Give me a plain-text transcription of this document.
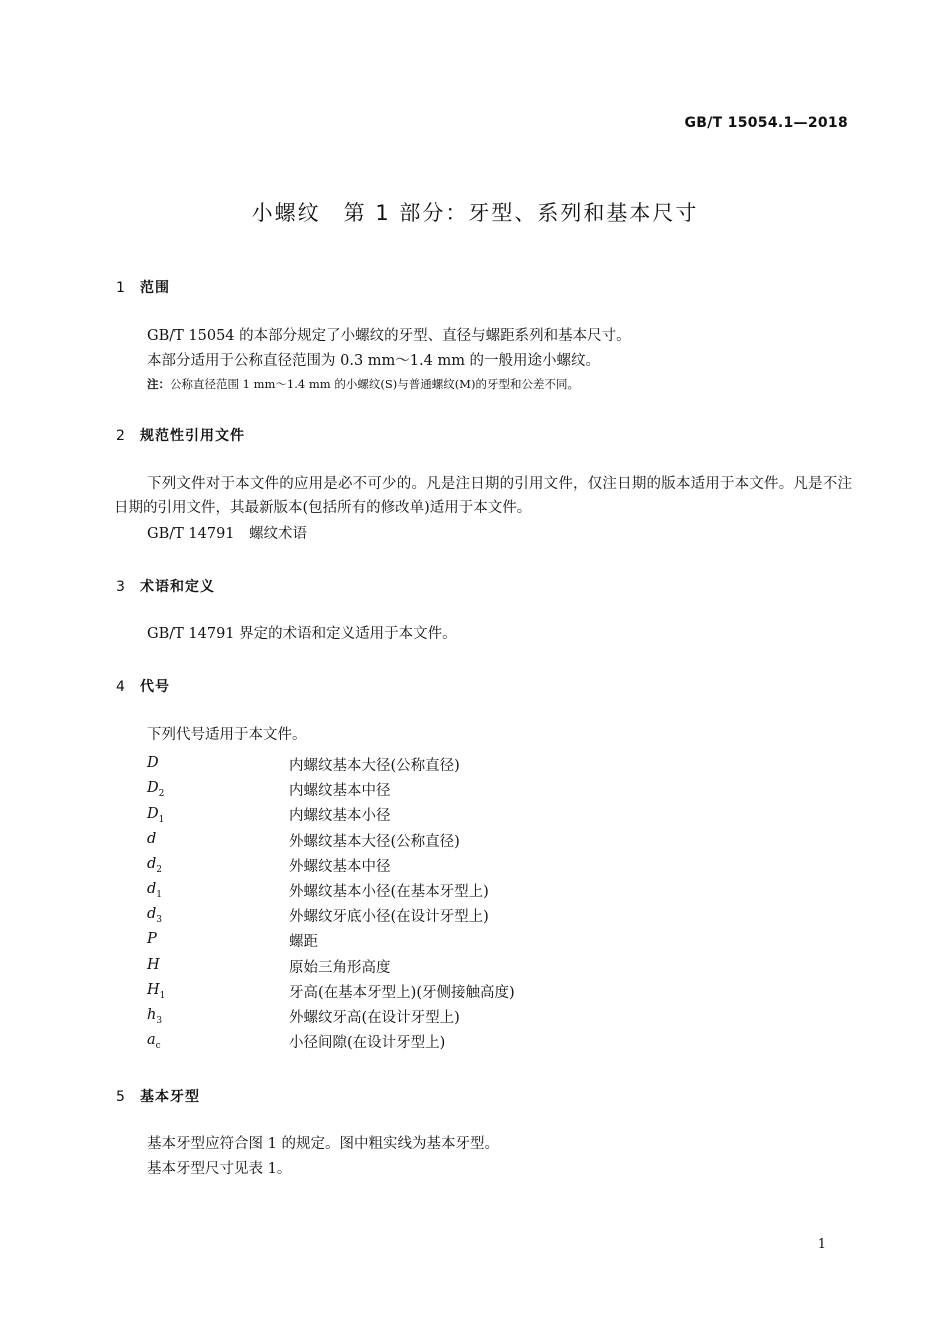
GB/T 15054.1—2018
小螺纹　第 1 部分：牙型、系列和基本尺寸
1 范围
GB/T 15054 的本部分规定了小螺纹的牙型、直径与螺距系列和基本尺寸。
本部分适用于公称直径范围为 0.3 mm～1.4 mm 的一般用途小螺纹。
注：公称直径范围 1 mm～1.4 mm 的小螺纹(S)与普通螺纹(M)的牙型和公差不同。
2 规范性引用文件
下列文件对于本文件的应用是必不可少的。凡是注日期的引用文件，仅注日期的版本适用于本文件。凡是不注日期的引用文件，其最新版本(包括所有的修改单)适用于本文件。
GB/T 14791　螺纹术语
3 术语和定义
GB/T 14791 界定的术语和定义适用于本文件。
4 代号
下列代号适用于本文件。
D	内螺纹基本大径(公称直径)
$D_2$	内螺纹基本中径
$D_1$	内螺纹基本小径
d	外螺纹基本大径(公称直径)
$d_2$	外螺纹基本中径
$d_1$	外螺纹基本小径(在基本牙型上)
$d_3$	外螺纹牙底小径(在设计牙型上)
P	螺距
H	原始三角形高度
$H_1$	牙高(在基本牙型上)(牙侧接触高度)
$h_3$	外螺纹牙高(在设计牙型上)
$a_c$	小径间隙(在设计牙型上)
5 基本牙型
基本牙型应符合图 1 的规定。图中粗实线为基本牙型。
基本牙型尺寸见表 1。
1
